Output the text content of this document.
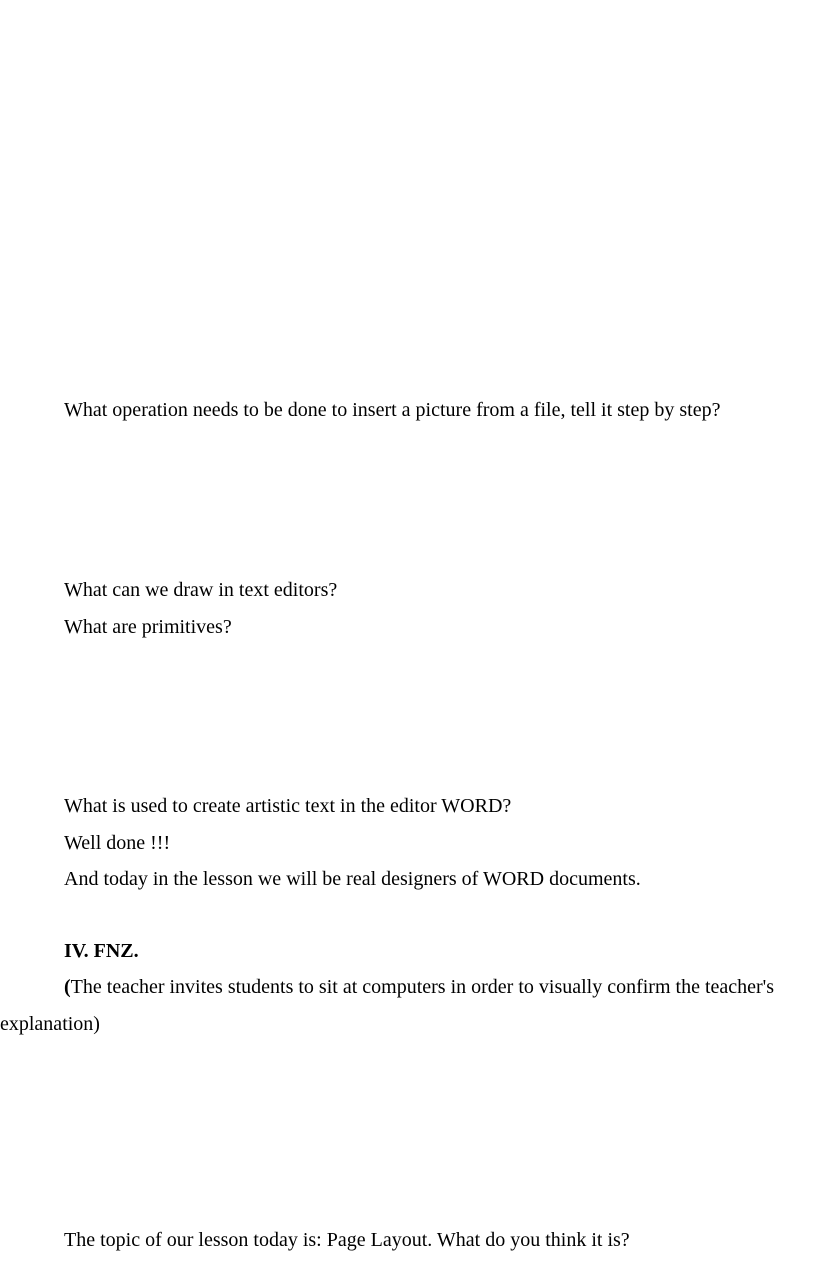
What operation needs to be done to insert a picture from a file, tell it step by step?
What can we draw in text editors?
What are primitives?
What is used to create artistic text in the editor WORD?
Well done !!!
And today in the lesson we will be real designers of WORD documents.
IV. FNZ.
(The teacher invites students to sit at computers in order to visually confirm the teacher's
explanation)
The topic of our lesson today is: Page Layout. What do you think it is?
